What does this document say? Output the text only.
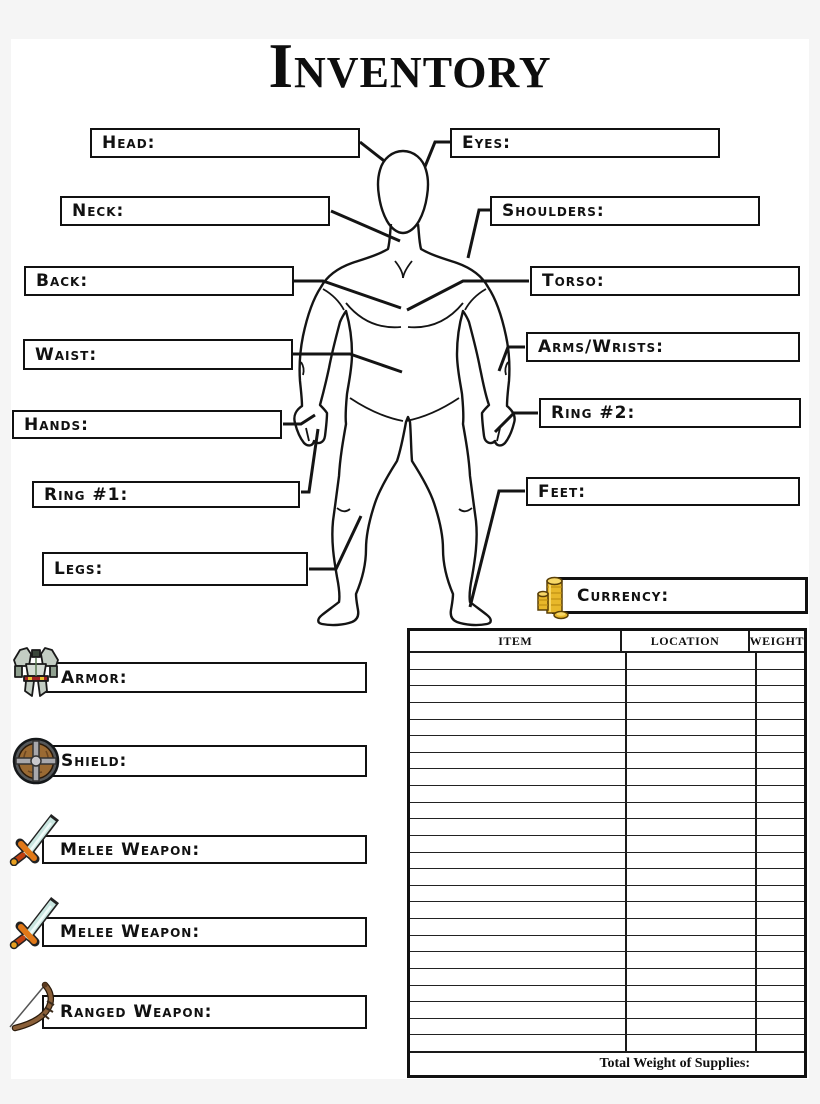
INVENTORY
Head:	Eyes:
Neck:	Shoulders:
Back:	Torso:
Waist:	Arms/Wrists:
Hands:
Ring #2:
Ring #1:	Feet:
Legs:
Currency:
Armor:
Shield:
Melee Weapon:
Melee Weapon:
Ranged Weapon:
ITEM	LOCATION	WEIGHT
Total Weight of Supplies:
